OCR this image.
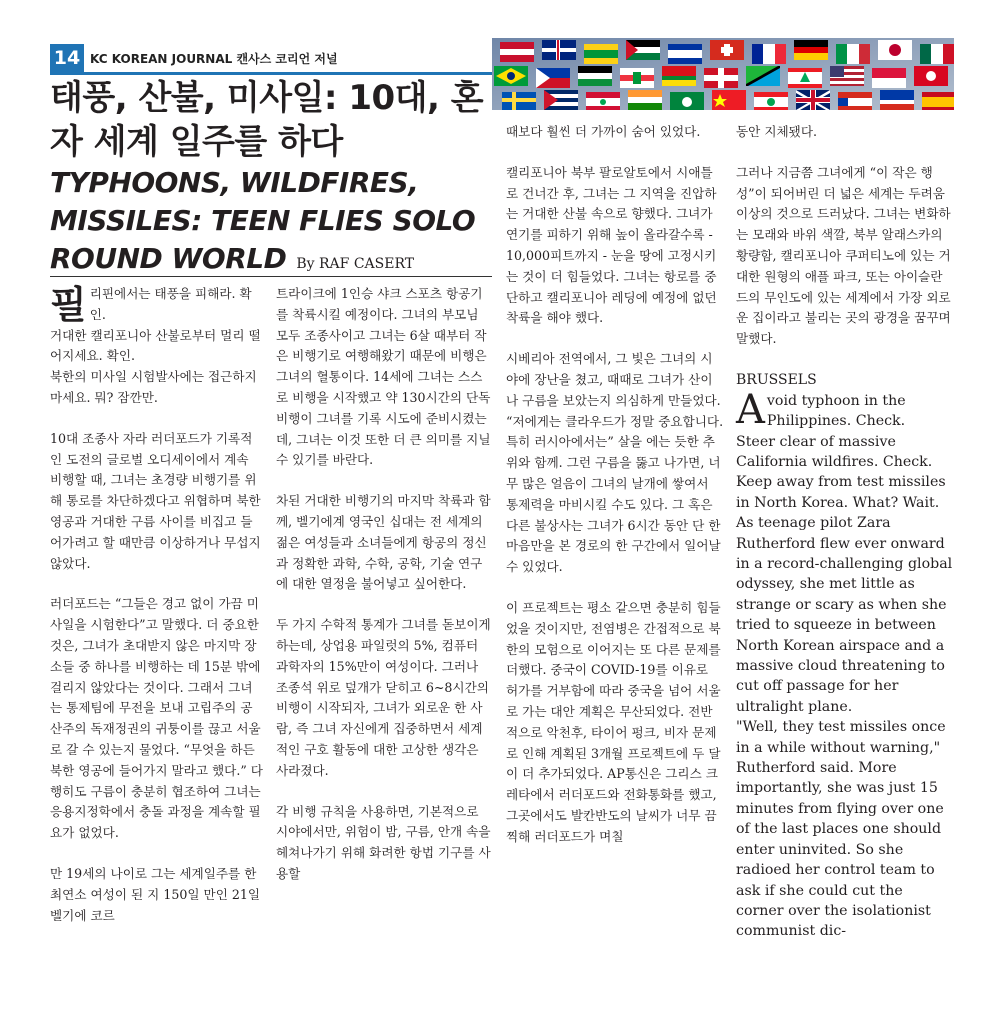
14 KC KOREAN JOURNAL 캔사스 코리언 저널
태풍, 산불, 미사일: 10대, 혼자 세계 일주를 하다
TYPHOONS, WILDFIRES, MISSILES: TEEN FLIES SOLO ROUND WORLD By RAF CASERT

필리핀에서는 태풍을 피해라. 확인.

거대한 캘리포니아 산불로부터 멀리 떨어지세요. 확인.

북한의 미사일 시험발사에는 접근하지 마세요. 뭐? 잠깐만.

10대 조종사 자라 러더포드가 기록적인 도전의 글로벌 오디세이에서 계속 비행할 때, 그녀는 초경량 비행기를 위해 통로를 차단하겠다고 위협하며 북한 영공과 거대한 구름 사이를 비집고 들어가려고 할 때만큼 이상하거나 무섭지 않았다.

러더포드는 “그들은 경고 없이 가끔 미사일을 시험한다”고 말했다. 더 중요한 것은, 그녀가 초대받지 않은 마지막 장소들 중 하나를 비행하는 데 15분 밖에 걸리지 않았다는 것이다. 그래서 그녀는 통제팀에 무전을 보내 고립주의 공산주의 독재정권의 귀퉁이를 끊고 서울로 갈 수 있는지 물었다. “무엇을 하든 북한 영공에 들어가지 말라고 했다.” 다행히도 구름이 충분히 협조하여 그녀는 응용지정학에서 충돌 과정을 계속할 필요가 없었다.

만 19세의 나이로 그는 세계일주를 한 최연소 여성이 된 지 150일 만인 21일 벨기에 코르

트라이크에 1인승 샤크 스포츠 항공기를 착륙시킬 예정이다. 그녀의 부모님 모두 조종사이고 그녀는 6살 때부터 작은 비행기로 여행해왔기 때문에 비행은 그녀의 혈통이다. 14세에 그녀는 스스로 비행을 시작했고 약 130시간의 단독 비행이 그녀를 기록 시도에 준비시켰는데, 그녀는 이것 또한 더 큰 의미를 지닐 수 있기를 바란다.

차된 거대한 비행기의 마지막 착륙과 함께, 벨기에계 영국인 십대는 전 세계의 젊은 여성들과 소녀들에게 항공의 정신과 정확한 과학, 수학, 공학, 기술 연구에 대한 열정을 불어넣고 싶어한다.

두 가지 수학적 통계가 그녀를 돋보이게 하는데, 상업용 파일럿의 5%, 컴퓨터 과학자의 15%만이 여성이다. 그러나 조종석 위로 덮개가 닫히고 6~8시간의 비행이 시작되자, 그녀가 외로운 한 사람, 즉 그녀 자신에게 집중하면서 세계적인 구호 활동에 대한 고상한 생각은 사라졌다.

각 비행 규칙을 사용하면, 기본적으로 시야에서만, 위험이 밤, 구름, 안개 속을 헤쳐나가기 위해 화려한 항법 기구를 사용할

때보다 훨씬 더 가까이 숨어 있었다.

캘리포니아 북부 팔로알토에서 시애틀로 건너간 후, 그녀는 그 지역을 진압하는 거대한 산불 속으로 향했다. 그녀가 연기를 피하기 위해 높이 올라갈수록 - 10,000피트까지 - 눈을 땅에 고정시키는 것이 더 힘들었다. 그녀는 항로를 중단하고 캘리포니아 레딩에 예정에 없던 착륙을 해야 했다.

시베리아 전역에서, 그 빛은 그녀의 시야에 장난을 쳤고, 때때로 그녀가 산이나 구름을 보았는지 의심하게 만들었다. “저에게는 클라우드가 정말 중요합니다. 특히 러시아에서는” 살을 에는 듯한 추위와 함께. 그런 구름을 뚫고 나가면, 너무 많은 얼음이 그녀의 날개에 쌓여서 통제력을 마비시킬 수도 있다. 그 혹은 다른 불상사는 그녀가 6시간 동안 단 한 마음만을 본 경로의 한 구간에서 일어날 수 있었다.

이 프로젝트는 평소 같으면 충분히 힘들었을 것이지만, 전염병은 간접적으로 북한의 모험으로 이어지는 또 다른 문제를 더했다. 중국이 COVID-19를 이유로 허가를 거부함에 따라 중국을 넘어 서울로 가는 대안 계획은 무산되었다. 전반적으로 악천후, 타이어 펑크, 비자 문제로 인해 계획된 3개월 프로젝트에 두 달이 더 추가되었다. AP통신은 그리스 크레타에서 러더포드와 전화통화를 했고, 그곳에서도 발칸반도의 날씨가 너무 끔찍해 러더포드가 며칠

동안 지체됐다.

그러나 지금쯤 그녀에게 “이 작은 행성”이 되어버린 더 넓은 세계는 두려움 이상의 것으로 드러났다. 그녀는 변화하는 모래와 바위 색깔, 북부 알래스카의 황량함, 캘리포니아 쿠퍼티노에 있는 거대한 원형의 애플 파크, 또는 아이슬란드의 무인도에 있는 세계에서 가장 외로운 집이라고 불리는 곳의 광경을 꿈꾸며 말했다.

BRUSSELS

Avoid typhoon in the Philippines. Check.

Steer clear of massive California wildfires. Check.

Keep away from test missiles in North Korea. What? Wait.

As teenage pilot Zara Rutherford flew ever onward in a record-challenging global odyssey, she met little as strange or scary as when she tried to squeeze in between North Korean airspace and a massive cloud threatening to cut off passage for her ultralight plane.

"Well, they test missiles once in a while without warning," Rutherford said. More importantly, she was just 15 minutes from flying over one of the last places one should enter uninvited. So she radioed her control team to ask if she could cut the corner over the isolationist communist dic-
